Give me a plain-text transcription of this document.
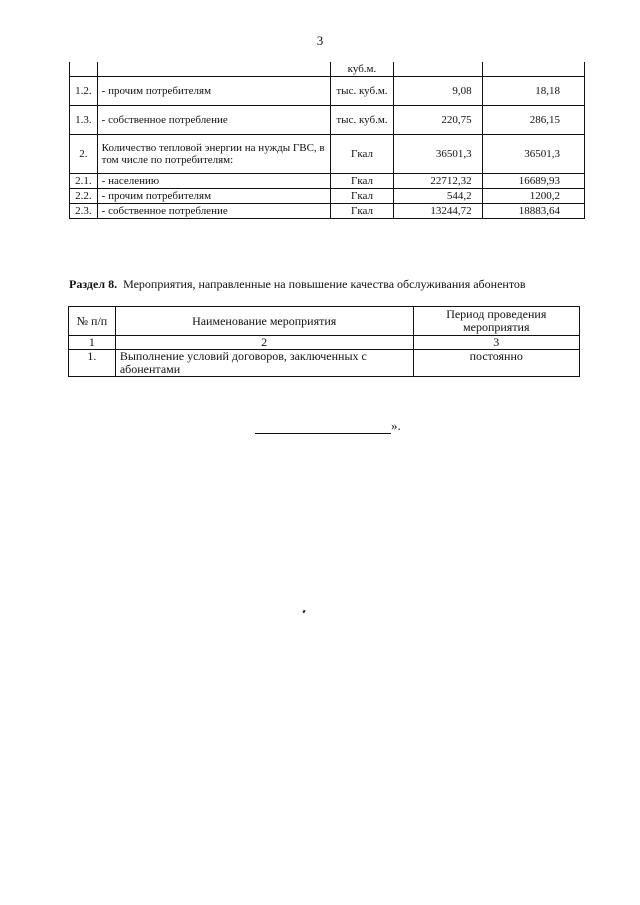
3
		куб.м.		
1.2.	- прочим потребителям	тыс. куб.м.	9,08	18,18
1.3.	- собственное потребление	тыс. куб.м.	220,75	286,15
2.	Количество тепловой энергии на нужды ГВС, в том числе по потребителям:	Гкал	36501,3	36501,3
2.1.	- населению	Гкал	22712,32	16689,93
2.2.	- прочим потребителям	Гкал	544,2	1200,2
2.3.	- собственное потребление	Гкал	13244,72	18883,64
Раздел 8. Мероприятия, направленные на повышение качества обслуживания абонентов
№ п/п	Наименование мероприятия	Период проведения мероприятия
1	2	3
1.	Выполнение условий договоров, заключенных с абонентами	постоянно
».
